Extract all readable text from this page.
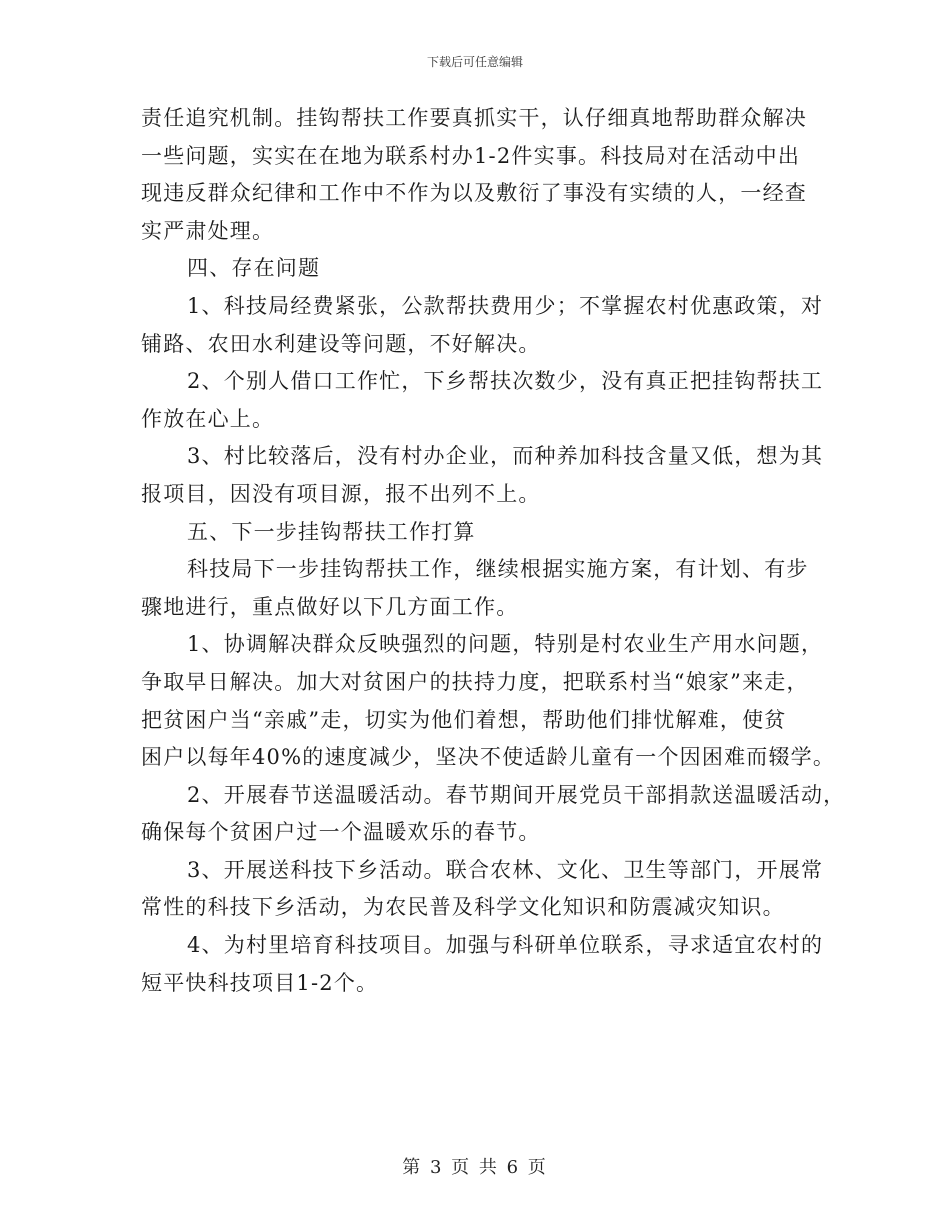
下载后可任意编辑
责任追究机制。挂钩帮扶工作要真抓实干，认仔细真地帮助群众解决
一些问题，实实在在地为联系村办1-2件实事。科技局对在活动中出
现违反群众纪律和工作中不作为以及敷衍了事没有实绩的人，一经查
实严肃处理。
四、存在问题
1、科技局经费紧张，公款帮扶费用少；不掌握农村优惠政策，对
铺路、农田水利建设等问题，不好解决。
2、个别人借口工作忙，下乡帮扶次数少，没有真正把挂钩帮扶工
作放在心上。
3、村比较落后，没有村办企业，而种养加科技含量又低，想为其
报项目，因没有项目源，报不出列不上。
五、下一步挂钩帮扶工作打算
科技局下一步挂钩帮扶工作，继续根据实施方案，有计划、有步
骤地进行，重点做好以下几方面工作。
1、协调解决群众反映强烈的问题，特别是村农业生产用水问题，
争取早日解决。加大对贫困户的扶持力度，把联系村当“娘家”来走，
把贫困户当“亲戚”走，切实为他们着想，帮助他们排忧解难，使贫
困户以每年40%的速度减少，坚决不使适龄儿童有一个因困难而辍学。
2、开展春节送温暖活动。春节期间开展党员干部捐款送温暖活动，
确保每个贫困户过一个温暖欢乐的春节。
3、开展送科技下乡活动。联合农林、文化、卫生等部门，开展常
常性的科技下乡活动，为农民普及科学文化知识和防震减灾知识。
4、为村里培育科技项目。加强与科研单位联系，寻求适宜农村的
短平快科技项目1-2个。
第 3 页 共 6 页
